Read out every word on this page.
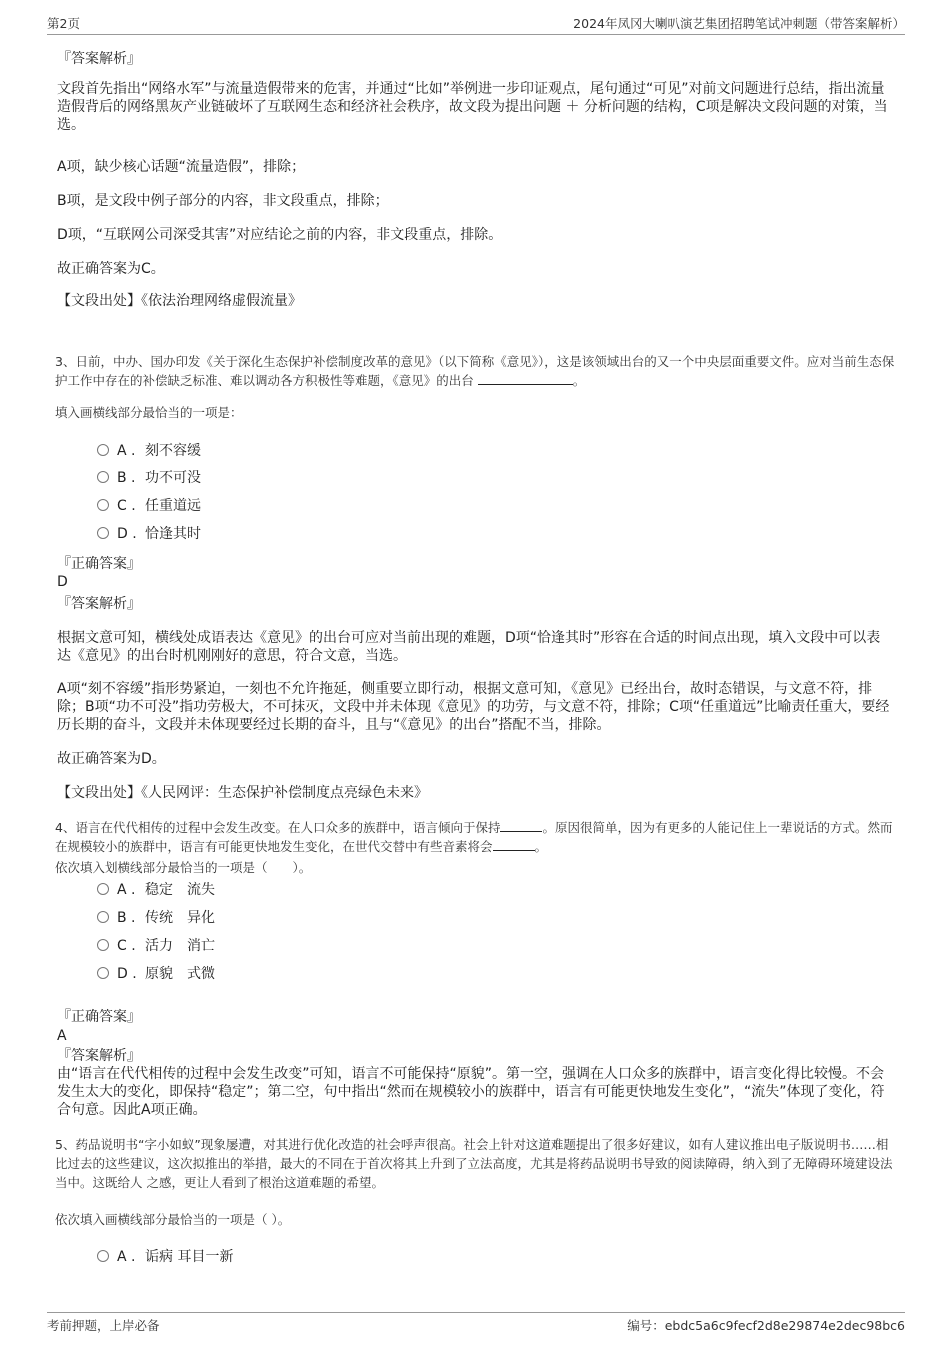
第2页	2024年凤冈大喇叭演艺集团招聘笔试冲刺题（带答案解析）
『答案解析』
文段首先指出“网络水军”与流量造假带来的危害，并通过“比如”举例进一步印证观点，尾句通过“可见”对前文问题进行总结，指出流量造假背后的网络黑灰产业链破坏了互联网生态和经济社会秩序，故文段为提出问题 ＋ 分析问题的结构，C项是解决文段问题的对策，当选。
A项，缺少核心话题“流量造假”，排除；
B项，是文段中例子部分的内容，非文段重点，排除；
D项，“互联网公司深受其害”对应结论之前的内容，非文段重点，排除。
故正确答案为C。
【文段出处】《依法治理网络虚假流量》
3、日前，中办、国办印发《关于深化生态保护补偿制度改革的意见》（以下简称《意见》），这是该领域出台的又一个中央层面重要文件。应对当前生态保护工作中存在的补偿缺乏标准、难以调动各方积极性等难题，《意见》的出台	。
填入画横线部分最恰当的一项是：
A . 刻不容缓
B . 功不可没
C . 任重道远
D . 恰逢其时
『正确答案』
D
『答案解析』
根据文意可知，横线处成语表达《意见》的出台可应对当前出现的难题，D项“恰逢其时”形容在合适的时间点出现，填入文段中可以表达《意见》的出台时机刚刚好的意思，符合文意，当选。
A项“刻不容缓”指形势紧迫，一刻也不允许拖延，侧重要立即行动，根据文意可知，《意见》已经出台，故时态错误，与文意不符，排除；B项“功不可没”指功劳极大，不可抹灭，文段中并未体现《意见》的功劳，与文意不符，排除；C项“任重道远”比喻责任重大，要经历长期的奋斗，文段并未体现要经过长期的奋斗，且与“《意见》的出台”搭配不当，排除。
故正确答案为D。
【文段出处】《人民网评：生态保护补偿制度点亮绿色未来》
4、语言在代代相传的过程中会发生改变。在人口众多的族群中，语言倾向于保持	。原因很简单，因为有更多的人能记住上一辈说话的方式。然而在规模较小的族群中，语言有可能更快地发生变化，在世代交替中有些音素将会	。
依次填入划横线部分最恰当的一项是（　　）。
A . 稳定　流失
B . 传统　异化
C . 活力　消亡
D . 原貌　式微
『正确答案』
A
『答案解析』
由“语言在代代相传的过程中会发生改变”可知，语言不可能保持“原貌”。第一空，强调在人口众多的族群中，语言变化得比较慢。不会发生太大的变化，即保持“稳定”；第二空，句中指出“然而在规模较小的族群中，语言有可能更快地发生变化”，“流失”体现了变化，符合句意。因此A项正确。
5、药品说明书“字小如蚁”现象屡遭，对其进行优化改造的社会呼声很高。社会上针对这道难题提出了很多好建议，如有人建议推出电子版说明书……相比过去的这些建议，这次拟推出的举措，最大的不同在于首次将其上升到了立法高度，尤其是将药品说明书导致的阅读障碍，纳入到了无障碍环境建设法当中。这既给人 之感，更让人看到了根治这道难题的希望。
依次填入画横线部分最恰当的一项是（ ）。
A . 诟病 耳目一新
考前押题，上岸必备	编号：ebdc5a6c9fecf2d8e29874e2dec98bc6
